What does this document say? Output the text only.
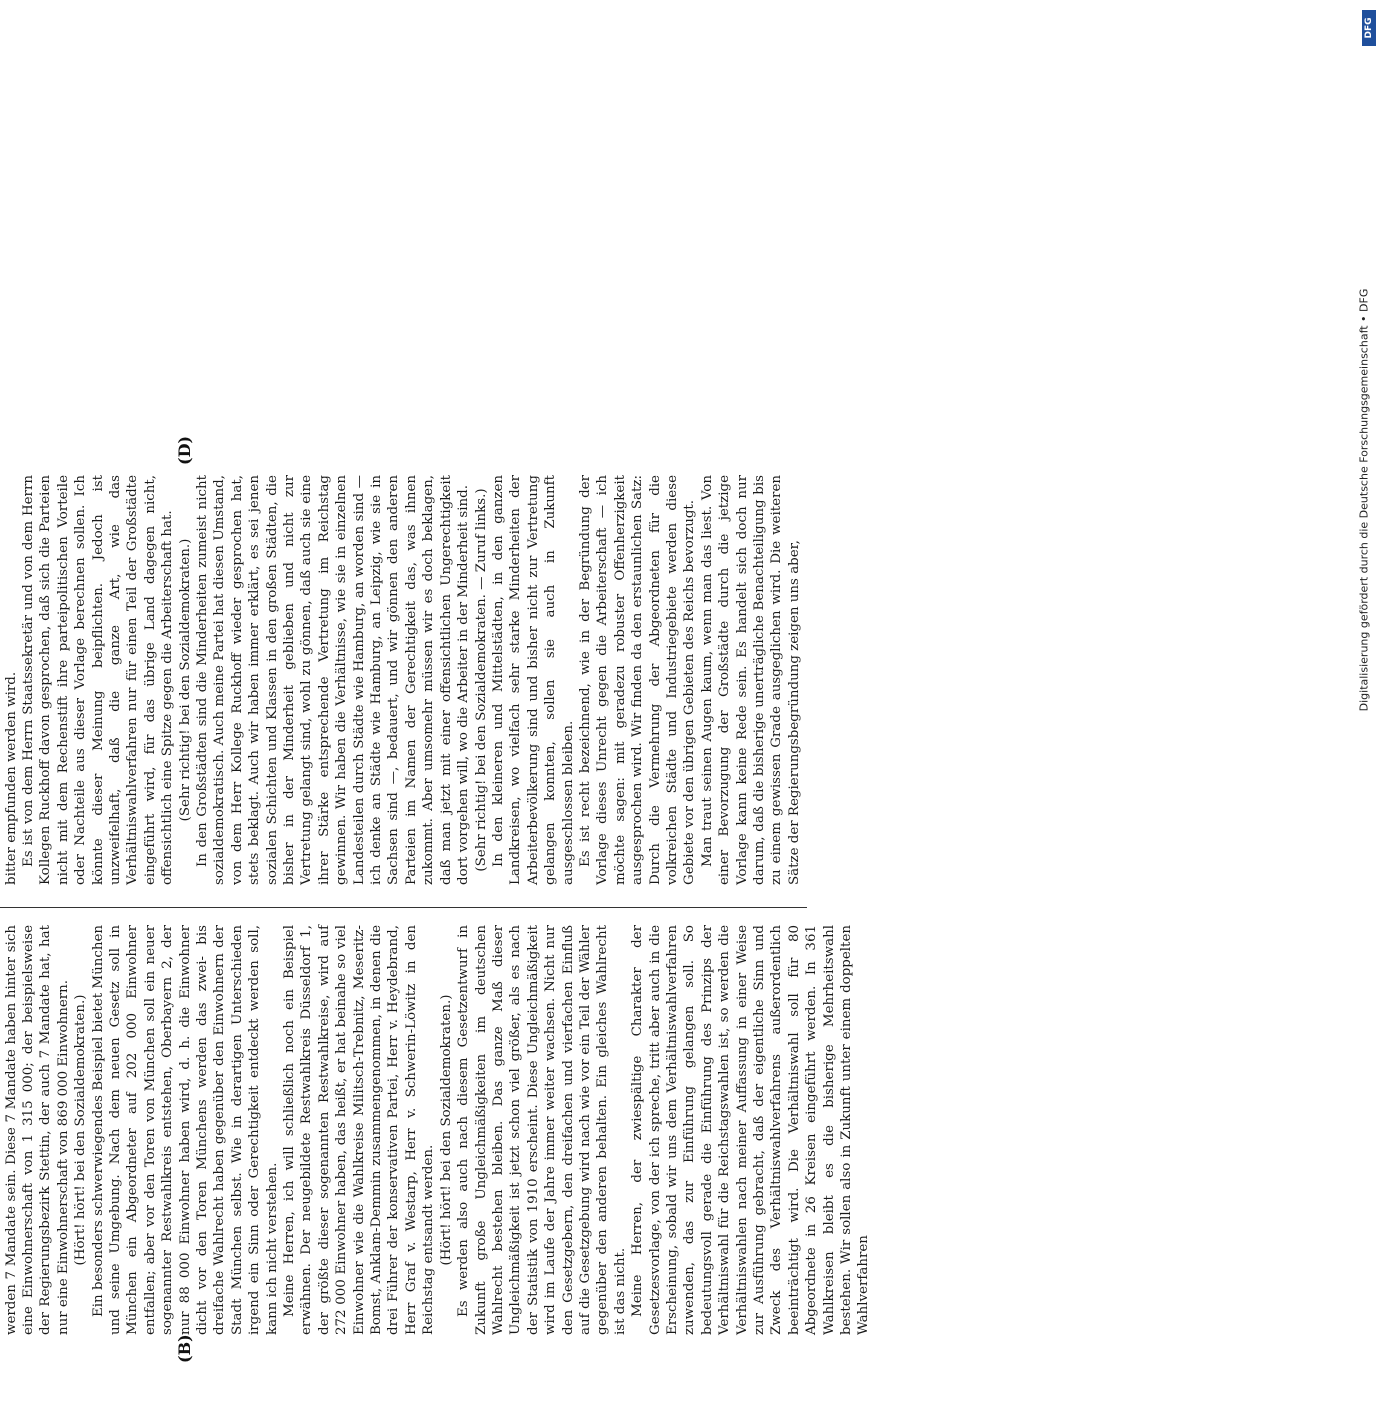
(B)
(D)

werden 7 Mandate sein. Diese 7 Mandate haben hinter sich eine Einwohnerschaft von 1 315 000; der beispielsweise der Regierungsbezirk Stettin, der auch 7 Mandate hat, hat nur eine Einwohnerschaft von 869 000 Einwohnern. (Hört! hört! bei den Sozialdemokraten.) Ein besonders schwerwiegendes Beispiel bietet München und seine Umgebung. Nach dem neuen Gesetz soll in München ein Abgeordneter auf 202 000 Einwohner entfallen; aber vor den Toren von München soll ein neuer sogenannter Restwahlkreis entstehen, Oberbayern 2, der nur 88 000 Einwohner haben wird, d. h. die Einwohner dicht vor den Toren Münchens werden das zwei- bis dreifache Wahlrecht haben gegenüber den Einwohnern der Stadt München selbst. Wie in derartigen Unterschieden irgend ein Sinn oder Gerechtigkeit entdeckt werden soll, kann ich nicht verstehen. Meine Herren, ich will schließlich noch ein Beispiel erwähnen. Der neugebildete Restwahlkreis Düsseldorf 1, der größte dieser sogenannten Restwahlkreise, wird auf 272 000 Einwohner haben, das heißt, er hat beinahe so viel Einwohner wie die Wahlkreise Militsch-Trebnitz, Meseritz-Bomst, Anklam-Demmin zusammengenommen, in denen die drei Führer der konservativen Partei, Herr v. Heydebrand, Herr Graf v. Westarp, Herr v. Schwerin-Löwitz in den Reichstag entsandt werden. (Hört! hört! bei den Sozialdemokraten.) Es werden also auch nach diesem Gesetzentwurf in Zukunft große Ungleichmäßigkeiten im deutschen Wahlrecht bestehen bleiben. Das ganze Maß dieser Ungleichmäßigkeit ist jetzt schon viel größer, als es nach der Statistik von 1910 erscheint. Diese Ungleichmäßigkeit wird im Laufe der Jahre immer weiter wachsen. Nicht nur den Gesetzgebern, den dreifachen und vierfachen Einfluß auf die Gesetzgebung wird nach wie vor ein Teil der Wähler gegenüber den anderen behalten. Ein gleiches Wahlrecht ist das nicht. Meine Herren, der zwiespältige Charakter der Gesetzesvorlage, von der ich spreche, tritt aber auch in die Erscheinung, sobald wir uns dem Verhältniswahlverfahren zuwenden, das zur Einführung gelangen soll. So bedeutungsvoll gerade die Einführung des Prinzips der Verhältniswahl für die Reichstagswahlen ist, so werden die Verhältniswahlen nach meiner Auffassung in einer Weise zur Ausführung gebracht, daß der eigentliche Sinn und Zweck des Verhältniswahlverfahrens außerordentlich beeinträchtigt wird. Die Verhältniswahl soll für 80 Abgeordnete in 26 Kreisen eingeführt werden. In 361 Wahlkreisen bleibt es die bisherige Mehrheitswahl bestehen. Wir sollen also in Zukunft unter einem doppelten Wahlverfahren

bitter empfunden werden wird. Es ist von dem Herrn Staatssekretär und von dem Herrn Kollegen Ruckhoff davon gesprochen, daß sich die Parteien nicht mit dem Rechenstift ihre parteipolitischen Vorteile oder Nachteile aus dieser Vorlage berechnen sollen. Ich könnte dieser Meinung beipflichten. Jedoch ist unzweifelhaft, daß die ganze Art, wie das Verhältniswahlverfahren nur für einen Teil der Großstädte eingeführt wird, für das übrige Land dagegen nicht, offensichtlich eine Spitze gegen die Arbeiterschaft hat. (Sehr richtig! bei den Sozialdemokraten.) In den Großstädten sind die Minderheiten zumeist nicht sozialdemokratisch. Auch meine Partei hat diesen Umstand, von dem Herr Kollege Ruckhoff wieder gesprochen hat, stets beklagt. Auch wir haben immer erklärt, es sei jenen sozialen Schichten und Klassen in den großen Städten, die bisher in der Minderheit geblieben und nicht zur Vertretung gelangt sind, wohl zu gönnen, daß auch sie eine ihrer Stärke entsprechende Vertretung im Reichstag gewinnen. Wir haben die Verhältnisse, wie sie in einzelnen Landesteilen durch Städte wie Hamburg, an worden sind — ich denke an Städte wie Hamburg, an Leipzig, wie sie in Sachsen sind —, bedauert, und wir gönnen den anderen Parteien im Namen der Gerechtigkeit das, was ihnen zukommt. Aber umsomehr müssen wir es doch beklagen, daß man jetzt mit einer offensichtlichen Ungerechtigkeit dort vorgehen will, wo die Arbeiter in der Minderheit sind. (Sehr richtig! bei den Sozialdemokraten. — Zuruf links.) In den kleineren und Mittelstädten, in den ganzen Landkreisen, wo vielfach sehr starke Minderheiten der Arbeiterbevölkerung sind und bisher nicht zur Vertretung gelangen konnten, sollen sie auch in Zukunft ausgeschlossen bleiben. Es ist recht bezeichnend, wie in der Begründung der Vorlage dieses Unrecht gegen die Arbeiterschaft — ich möchte sagen: mit geradezu robuster Offenherzigkeit ausgesprochen wird. Wir finden da den erstaunlichen Satz: Durch die Vermehrung der Abgeordneten für die volkreichen Städte und Industriegebiete werden diese Gebiete vor den übrigen Gebieten des Reichs bevorzugt. Man traut seinen Augen kaum, wenn man das liest. Von einer Bevorzugung der Großstädte durch die jetzige Vorlage kann keine Rede sein. Es handelt sich doch nur darum, daß die bisherige unerträgliche Benachteiligung bis zu einem gewissen Grade ausgeglichen wird. Die weiteren Sätze der Regierungsbegründung zeigen uns aber,

Digitalisierung gefördert durch die Deutsche Forschungsgemeinschaft • DFG
DFG
